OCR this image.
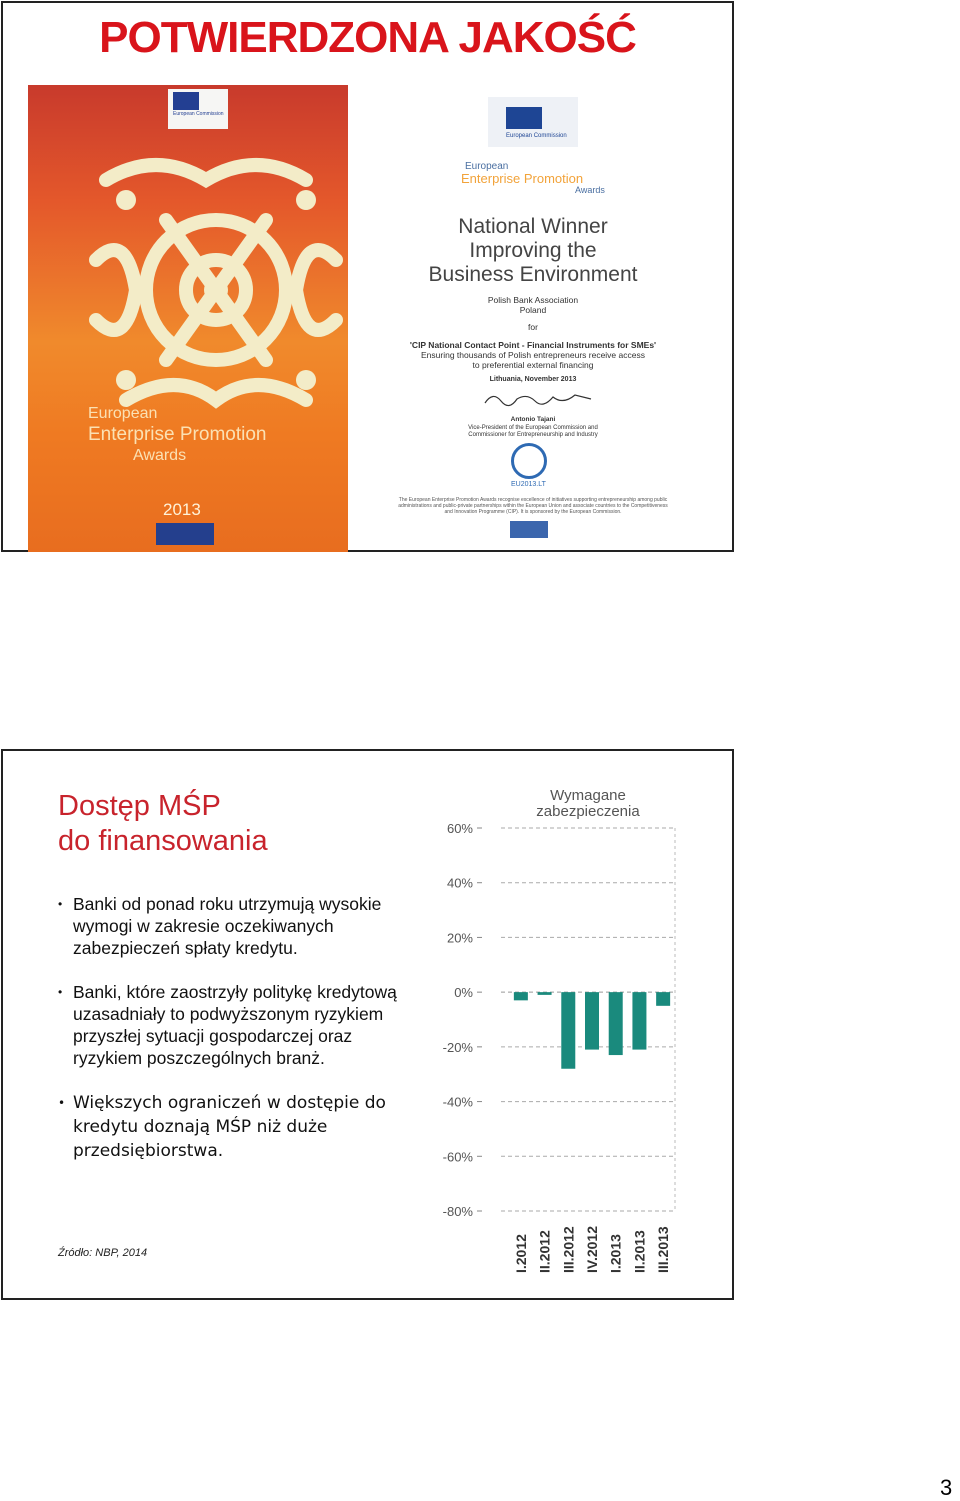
POTWIERDZONA JAKOŚĆ
European Commission
European
Enterprise Promotion
Awards
2013
European Commission
European
Enterprise Promotion
Awards
National Winner
Improving the
Business Environment
Polish Bank Association
Poland
for
'CIP National Contact Point - Financial Instruments for SMEs'
Ensuring thousands of Polish entrepreneurs receive access
to preferential external financing
Lithuania, November 2013
Antonio Tajani
Vice-President of the European Commission and
Commissioner for Entrepreneurship and Industry
EU2013.LT
The European Enterprise Promotion Awards recognise excellence of initiatives supporting entrepreneurship among public administrations and public-private partnerships within the European Union and associate countries to the Competitiveness and Innovation Programme (CIP). It is sponsored by the European Commission.
Dostęp MŚP
do finansowania
• Banki od ponad roku utrzymują wysokie wymogi w zakresie oczekiwanych zabezpieczeń spłaty kredytu.
• Banki, które zaostrzyły politykę kredytową uzasadniały to podwyższonym ryzykiem przyszłej sytuacji gospodarczej oraz ryzykiem poszczególnych branż.
• Większych ograniczeń w dostępie do kredytu doznają MŚP niż duże przedsiębiorstwa.
Źródło: NBP, 2014
Wymagane
zabezpieczenia
60%
40%
20%
0%
-20%
-40%
-60%
-80%
I.2012 II.2012 III.2012 IV.2012 I.2013 II.2013 III.2013
3
